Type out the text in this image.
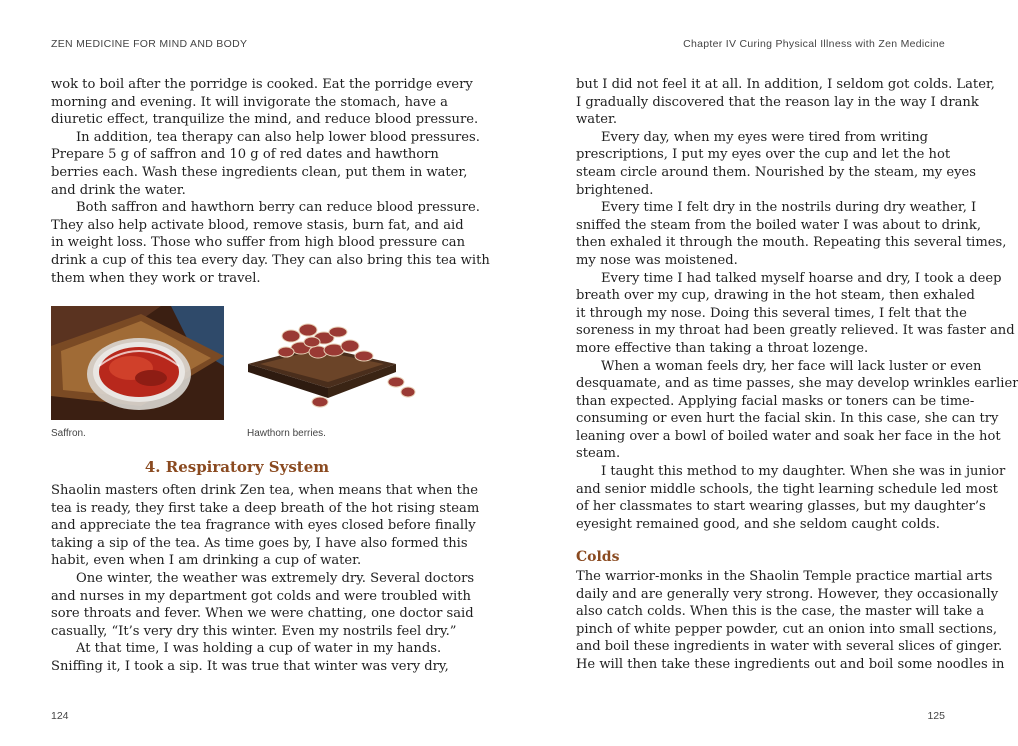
ZEN MEDICINE FOR MIND AND BODY
wok to boil after the porridge is cooked. Eat the porridge every
morning and evening. It will invigorate the stomach, have a
diuretic effect, tranquilize the mind, and reduce blood pressure.
In addition, tea therapy can also help lower blood pressures.
Prepare 5 g of saffron and 10 g of red dates and hawthorn
berries each. Wash these ingredients clean, put them in water,
and drink the water.
Both saffron and hawthorn berry can reduce blood pressure.
They also help activate blood, remove stasis, burn fat, and aid
in weight loss. Those who suffer from high blood pressure can
drink a cup of this tea every day. They can also bring this tea with
them when they work or travel.
Saffron.	Hawthorn berries.
4. Respiratory System
Shaolin masters often drink Zen tea, when means that when the
tea is ready, they first take a deep breath of the hot rising steam
and appreciate the tea fragrance with eyes closed before finally
taking a sip of the tea. As time goes by, I have also formed this
habit, even when I am drinking a cup of water.
One winter, the weather was extremely dry. Several doctors
and nurses in my department got colds and were troubled with
sore throats and fever. When we were chatting, one doctor said
casually, “It’s very dry this winter. Even my nostrils feel dry.”
At that time, I was holding a cup of water in my hands.
Sniffing it, I took a sip. It was true that winter was very dry,
124
Chapter IV Curing Physical Illness with Zen Medicine
but I did not feel it at all. In addition, I seldom got colds. Later,
I gradually discovered that the reason lay in the way I drank
water.
Every day, when my eyes were tired from writing
prescriptions, I put my eyes over the cup and let the hot
steam circle around them. Nourished by the steam, my eyes
brightened.
Every time I felt dry in the nostrils during dry weather, I
sniffed the steam from the boiled water I was about to drink,
then exhaled it through the mouth. Repeating this several times,
my nose was moistened.
Every time I had talked myself hoarse and dry, I took a deep
breath over my cup, drawing in the hot steam, then exhaled
it through my nose. Doing this several times, I felt that the
soreness in my throat had been greatly relieved. It was faster and
more effective than taking a throat lozenge.
When a woman feels dry, her face will lack luster or even
desquamate, and as time passes, she may develop wrinkles earlier
than expected. Applying facial masks or toners can be time-
consuming or even hurt the facial skin. In this case, she can try
leaning over a bowl of boiled water and soak her face in the hot
steam.
I taught this method to my daughter. When she was in junior
and senior middle schools, the tight learning schedule led most
of her classmates to start wearing glasses, but my daughter’s
eyesight remained good, and she seldom caught colds.
Colds
The warrior-monks in the Shaolin Temple practice martial arts
daily and are generally very strong. However, they occasionally
also catch colds. When this is the case, the master will take a
pinch of white pepper powder, cut an onion into small sections,
and boil these ingredients in water with several slices of ginger.
He will then take these ingredients out and boil some noodles in
125
